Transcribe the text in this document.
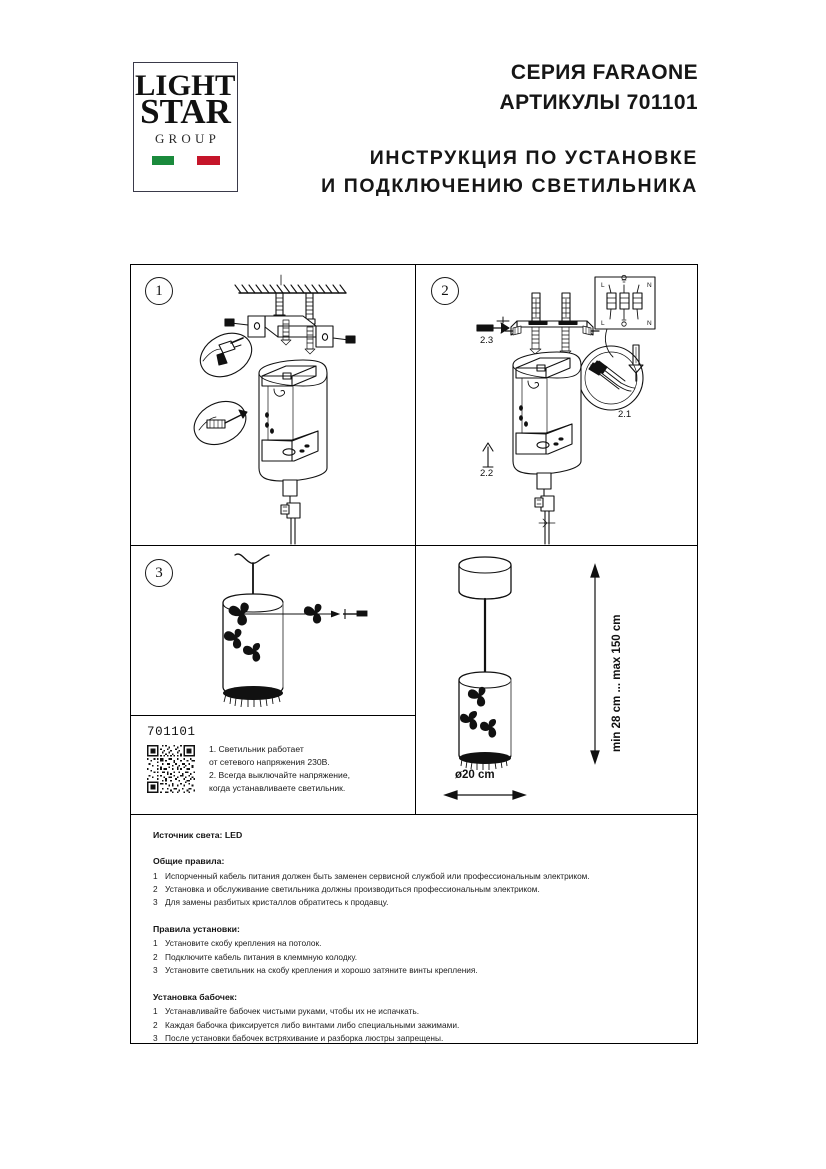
LIGHT
STAR
GROUP
СЕРИЯ FARAONE
АРТИКУЛЫ 701101
ИНСТРУКЦИЯ ПО УСТАНОВКЕ
И ПОДКЛЮЧЕНИЮ СВЕТИЛЬНИКА
1	2	L	N
L	N
2.3
2.1
2.2
3
min 28 cm ... max 150 cm
ø20 cm
701101
1. Светильник работает
от сетевого напряжения 230В.
2. Всегда выключайте напряжение,
когда устанавливаете светильник.
Источник света: LED
Общие правила:
1 Испорченный кабель питания должен быть заменен сервисной службой или профессиональным электриком.
2 Установка и обслуживание светильника должны производиться профессиональным электриком.
3 Для замены разбитых кристаллов обратитесь к продавцу.
Правила установки:
1 Установите скобу крепления на потолок.
2 Подключите кабель питания в клеммную колодку.
3 Установите светильник на скобу крепления и хорошо затяните винты крепления.
Установка бабочек:
1 Устанавливайте бабочек чистыми руками, чтобы их не испачкать.
2 Каждая бабочка фиксируется либо винтами либо специальными зажимами.
3 После установки бабочек встряхивание и разборка люстры запрещены.
